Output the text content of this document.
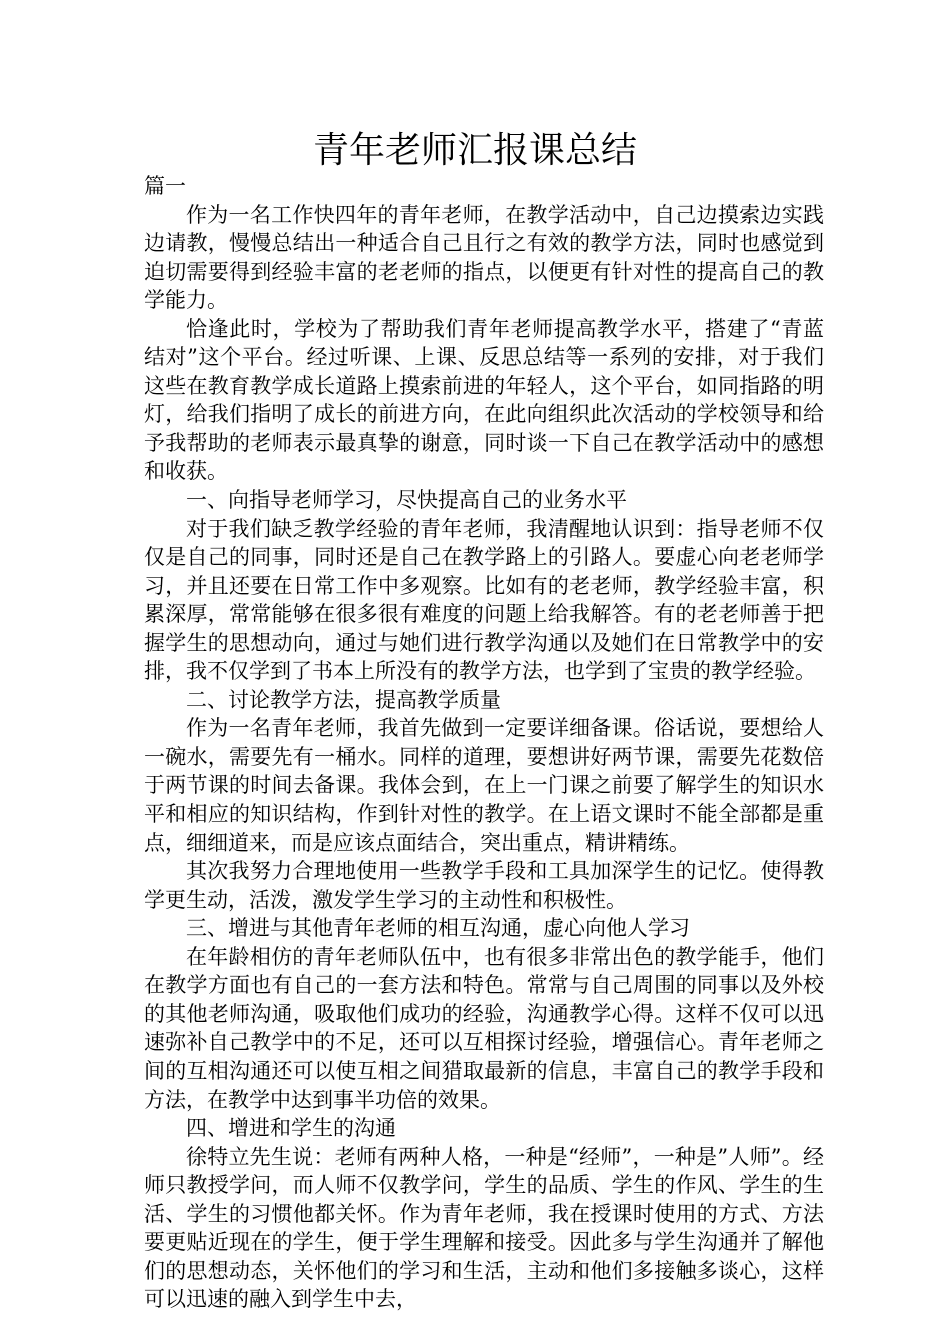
青年老师汇报课总结

篇一

作为一名工作快四年的青年老师，在教学活动中，自己边摸索边实践边请教，慢慢总结出一种适合自己且行之有效的教学方法，同时也感觉到迫切需要得到经验丰富的老老师的指点，以便更有针对性的提高自己的教学能力。

恰逢此时，学校为了帮助我们青年老师提高教学水平，搭建了“青蓝结对”这个平台。经过听课、上课、反思总结等一系列的安排，对于我们这些在教育教学成长道路上摸索前进的年轻人，这个平台，如同指路的明灯，给我们指明了成长的前进方向，在此向组织此次活动的学校领导和给予我帮助的老师表示最真挚的谢意，同时谈一下自己在教学活动中的感想和收获。

一、向指导老师学习，尽快提高自己的业务水平

对于我们缺乏教学经验的青年老师，我清醒地认识到：指导老师不仅仅是自己的同事，同时还是自己在教学路上的引路人。要虚心向老老师学习，并且还要在日常工作中多观察。比如有的老老师，教学经验丰富，积累深厚，常常能够在很多很有难度的问题上给我解答。有的老老师善于把握学生的思想动向，通过与她们进行教学沟通以及她们在日常教学中的安排，我不仅学到了书本上所没有的教学方法，也学到了宝贵的教学经验。

二、讨论教学方法，提高教学质量

作为一名青年老师，我首先做到一定要详细备课。俗话说，要想给人一碗水，需要先有一桶水。同样的道理，要想讲好两节课，需要先花数倍于两节课的时间去备课。我体会到，在上一门课之前要了解学生的知识水平和相应的知识结构，作到针对性的教学。在上语文课时不能全部都是重点，细细道来，而是应该点面结合，突出重点，精讲精练。

其次我努力合理地使用一些教学手段和工具加深学生的记忆。使得教学更生动，活泼，激发学生学习的主动性和积极性。

三、增进与其他青年老师的相互沟通，虚心向他人学习

在年龄相仿的青年老师队伍中，也有很多非常出色的教学能手，他们在教学方面也有自己的一套方法和特色。常常与自己周围的同事以及外校的其他老师沟通，吸取他们成功的经验，沟通教学心得。这样不仅可以迅速弥补自己教学中的不足，还可以互相探讨经验，增强信心。青年老师之间的互相沟通还可以使互相之间猎取最新的信息，丰富自己的教学手段和方法，在教学中达到事半功倍的效果。

四、增进和学生的沟通

徐特立先生说：老师有两种人格，一种是“经师”，一种是”人师”。经师只教授学问，而人师不仅教学问，学生的品质、学生的作风、学生的生活、学生的习惯他都关怀。作为青年老师，我在授课时使用的方式、方法要更贴近现在的学生，便于学生理解和接受。因此多与学生沟通并了解他们的思想动态，关怀他们的学习和生活，主动和他们多接触多谈心，这样可以迅速的融入到学生中去，
